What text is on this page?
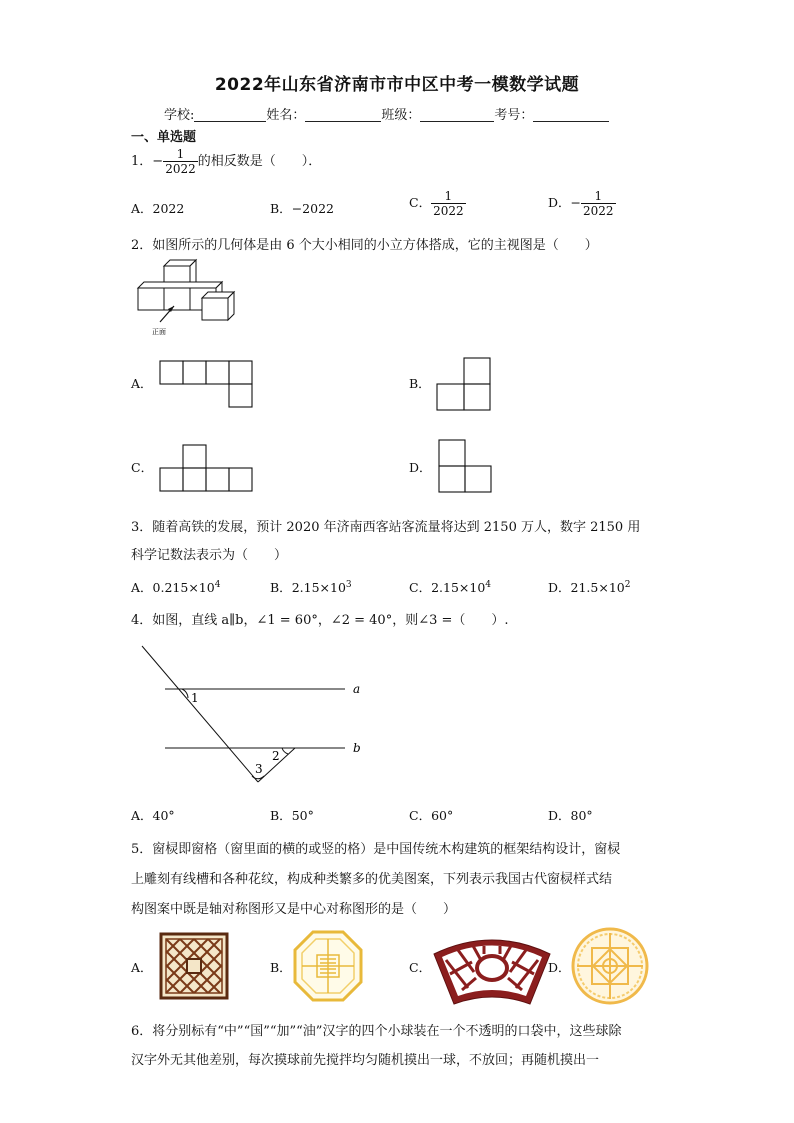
2022年山东省济南市市中区中考一模数学试题
学校:	姓名：	班级：	考号：
一、单选题
1．− $\frac{1}{2022}$ 的相反数是（　　）．
A．2022	B．−2022	C． $\frac{1}{2022}$	D．− $\frac{1}{2022}$
2．如图所示的几何体是由 6 个大小相同的小立方体搭成，它的主视图是（　　）
正面
A．	B．
C．	D．
3．随着高铁的发展，预计 2020 年济南西客站客流量将达到 2150 万人，数字 2150 用
科学记数法表示为（　　）
A．$0.215\times 10^4$	B．$2.15\times 10^3$	C．$2.15\times 10^4$	D．$21.5\times 10^2$
4．如图，直线 a∥b，∠1 = 60°，∠2 = 40°，则∠3 =（　　）.
a
b
1
2
3
A．40°	B．50°	C．60°	D．80°
5．窗棂即窗格（窗里面的横的或竖的格）是中国传统木构建筑的框架结构设计，窗棂
上雕刻有线槽和各种花纹，构成种类繁多的优美图案，下列表示我国古代窗棂样式结
构图案中既是轴对称图形又是中心对称图形的是（　　）
A．	B．	C．	D．
6．将分别标有“中”“国”“加”“油”汉字的四个小球装在一个不透明的口袋中，这些球除
汉字外无其他差别，每次摸球前先搅拌均匀随机摸出一球，不放回；再随机摸出一
